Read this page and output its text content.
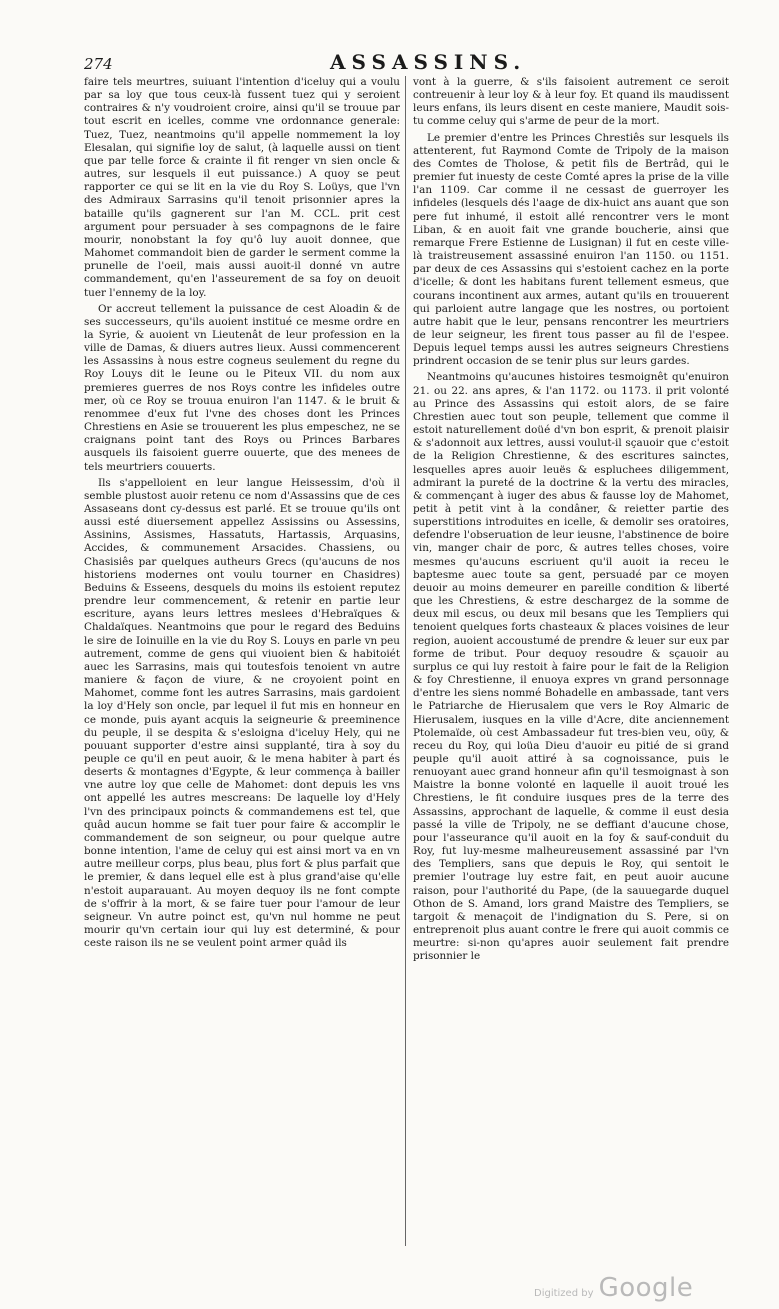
274	ASSASSINS.

faire tels meurtres, suiuant l'intention d'iceluy qui a voulu par sa loy que tous ceux-là fussent tuez qui y seroient contraires & n'y voudroient croire, ainsi qu'il se trouue par tout escrit en icelles, comme vne ordonnance generale: Tuez, Tuez, neantmoins qu'il appelle nommement la loy Elesalan, qui signifie loy de salut, (à laquelle aussi on tient que par telle force & crainte il fit renger vn sien oncle & autres, sur lesquels il eut puissance.) A quoy se peut rapporter ce qui se lit en la vie du Roy S. Loüys, que l'vn des Admiraux Sarrasins qu'il tenoit prisonnier apres la bataille qu'ils gagnerent sur l'an M. CCL. prit cest argument pour persuader à ses compagnons de le faire mourir, nonobstant la foy qu'ô luy auoit donnee, que Mahomet commandoit bien de garder le serment comme la prunelle de l'oeil, mais aussi auoit-il donné vn autre commandement, qu'en l'asseurement de sa foy on deuoit tuer l'ennemy de la loy.

Or accreut tellement la puissance de cest Aloadin & de ses successeurs, qu'ils auoient institué ce mesme ordre en la Syrie, & auoient vn Lieutenât de leur profession en la ville de Damas, & diuers autres lieux. Aussi commencerent les Assassins à nous estre cogneus seulement du regne du Roy Louys dit le Ieune ou le Piteux VII. du nom aux premieres guerres de nos Roys contre les infideles outre mer, où ce Roy se trouua enuiron l'an 1147. & le bruit & renommee d'eux fut l'vne des choses dont les Princes Chrestiens en Asie se trouuerent les plus empeschez, ne se craignans point tant des Roys ou Princes Barbares ausquels ils faisoient guerre ouuerte, que des menees de tels meurtriers couuerts.

Ils s'appelloient en leur langue Heissessim, d'où il semble plustost auoir retenu ce nom d'Assassins que de ces Assaseans dont cy-dessus est parlé. Et se trouue qu'ils ont aussi esté diuersement appellez Assissins ou Assessins, Assinins, Assismes, Hassatuts, Hartassis, Arquasins, Accides, & communement Arsacides. Chassiens, ou Chasisiês par quelques autheurs Grecs (qu'aucuns de nos historiens modernes ont voulu tourner en Chasidres) Beduins & Esseens, desquels du moins ils estoient reputez prendre leur commencement, & retenir en partie leur escriture, ayans leurs lettres meslees d'Hebraïques & Chaldaïques. Neantmoins que pour le regard des Beduins le sire de Ioinuille en la vie du Roy S. Louys en parle vn peu autrement, comme de gens qui viuoient bien & habitoiét auec les Sarrasins, mais qui toutesfois tenoient vn autre maniere & façon de viure, & ne croyoient point en Mahomet, comme font les autres Sarrasins, mais gardoient la loy d'Hely son oncle, par lequel il fut mis en honneur en ce monde, puis ayant acquis la seigneurie & preeminence du peuple, il se despita & s'esloigna d'iceluy Hely, qui ne pouuant supporter d'estre ainsi supplanté, tira à soy du peuple ce qu'il en peut auoir, & le mena habiter à part és deserts & montagnes d'Egypte, & leur commença à bailler vne autre loy que celle de Mahomet: dont depuis les vns ont appellé les autres mescreans: De laquelle loy d'Hely l'vn des principaux poincts & commandemens est tel, que quâd aucun homme se fait tuer pour faire & accomplir le commandement de son seigneur, ou pour quelque autre bonne intention, l'ame de celuy qui est ainsi mort va en vn autre meilleur corps, plus beau, plus fort & plus parfait que le premier, & dans lequel elle est à plus grand'aise qu'elle n'estoit auparauant. Au moyen dequoy ils ne font compte de s'offrir à la mort, & se faire tuer pour l'amour de leur seigneur. Vn autre poinct est, qu'vn nul homme ne peut mourir qu'vn certain iour qui luy est determiné, & pour ceste raison ils ne se veulent point armer quâd ils

vont à la guerre, & s'ils faisoient autrement ce seroit contreuenir à leur loy & à leur foy. Et quand ils maudissent leurs enfans, ils leurs disent en ceste maniere, Maudit sois-tu comme celuy qui s'arme de peur de la mort.

Le premier d'entre les Princes Chrestiês sur lesquels ils attenterent, fut Raymond Comte de Tripoly de la maison des Comtes de Tholose, & petit fils de Bertrâd, qui le premier fut inuesty de ceste Comté apres la prise de la ville l'an 1109. Car comme il ne cessast de guerroyer les infideles (lesquels dés l'aage de dix-huict ans auant que son pere fut inhumé, il estoit allé rencontrer vers le mont Liban, & en auoit fait vne grande boucherie, ainsi que remarque Frere Estienne de Lusignan) il fut en ceste ville-là traistreusement assassiné enuiron l'an 1150. ou 1151. par deux de ces Assassins qui s'estoient cachez en la porte d'icelle; & dont les habitans furent tellement esmeus, que courans incontinent aux armes, autant qu'ils en trouuerent qui parloient autre langage que les nostres, ou portoient autre habit que le leur, pensans rencontrer les meurtriers de leur seigneur, les firent tous passer au fil de l'espee. Depuis lequel temps aussi les autres seigneurs Chrestiens prindrent occasion de se tenir plus sur leurs gardes.

Neantmoins qu'aucunes histoires tesmoignêt qu'enuiron 21. ou 22. ans apres, & l'an 1172. ou 1173. il prit volonté au Prince des Assassins qui estoit alors, de se faire Chrestien auec tout son peuple, tellement que comme il estoit naturellement doüé d'vn bon esprit, & prenoit plaisir & s'adonnoit aux lettres, aussi voulut-il sçauoir que c'estoit de la Religion Chrestienne, & des escritures sainctes, lesquelles apres auoir leuës & espluchees diligemment, admirant la pureté de la doctrine & la vertu des miracles, & commençant à iuger des abus & fausse loy de Mahomet, petit à petit vint à la condâner, & reietter partie des superstitions introduites en icelle, & demolir ses oratoires, defendre l'obseruation de leur ieusne, l'abstinence de boire vin, manger chair de porc, & autres telles choses, voire mesmes qu'aucuns escriuent qu'il auoit ia receu le baptesme auec toute sa gent, persuadé par ce moyen deuoir au moins demeurer en pareille condition & liberté que les Chrestiens, & estre deschargez de la somme de deux mil escus, ou deux mil besans que les Templiers qui tenoient quelques forts chasteaux & places voisines de leur region, auoient accoustumé de prendre & leuer sur eux par forme de tribut. Pour dequoy resoudre & sçauoir au surplus ce qui luy restoit à faire pour le fait de la Religion & foy Chrestienne, il enuoya expres vn grand personnage d'entre les siens nommé Bohadelle en ambassade, tant vers le Patriarche de Hierusalem que vers le Roy Almaric de Hierusalem, iusques en la ville d'Acre, dite anciennement Ptolemaïde, où cest Ambassadeur fut tres-bien veu, oüy, & receu du Roy, qui loüa Dieu d'auoir eu pitié de si grand peuple qu'il auoit attiré à sa cognoissance, puis le renuoyant auec grand honneur afin qu'il tesmoignast à son Maistre la bonne volonté en laquelle il auoit troué les Chrestiens, le fit conduire iusques pres de la terre des Assassins, approchant de laquelle, & comme il eust desia passé la ville de Tripoly, ne se deffiant d'aucune chose, pour l'asseurance qu'il auoit en la foy & sauf-conduit du Roy, fut luy-mesme malheureusement assassiné par l'vn des Templiers, sans que depuis le Roy, qui sentoit le premier l'outrage luy estre fait, en peut auoir aucune raison, pour l'authorité du Pape, (de la sauuegarde duquel Othon de S. Amand, lors grand Maistre des Templiers, se targoit & menaçoit de l'indignation du S. Pere, si on entreprenoit plus auant contre le frere qui auoit commis ce meurtre: si-non qu'apres auoir seulement fait prendre prisonnier le

Digitized by Google
